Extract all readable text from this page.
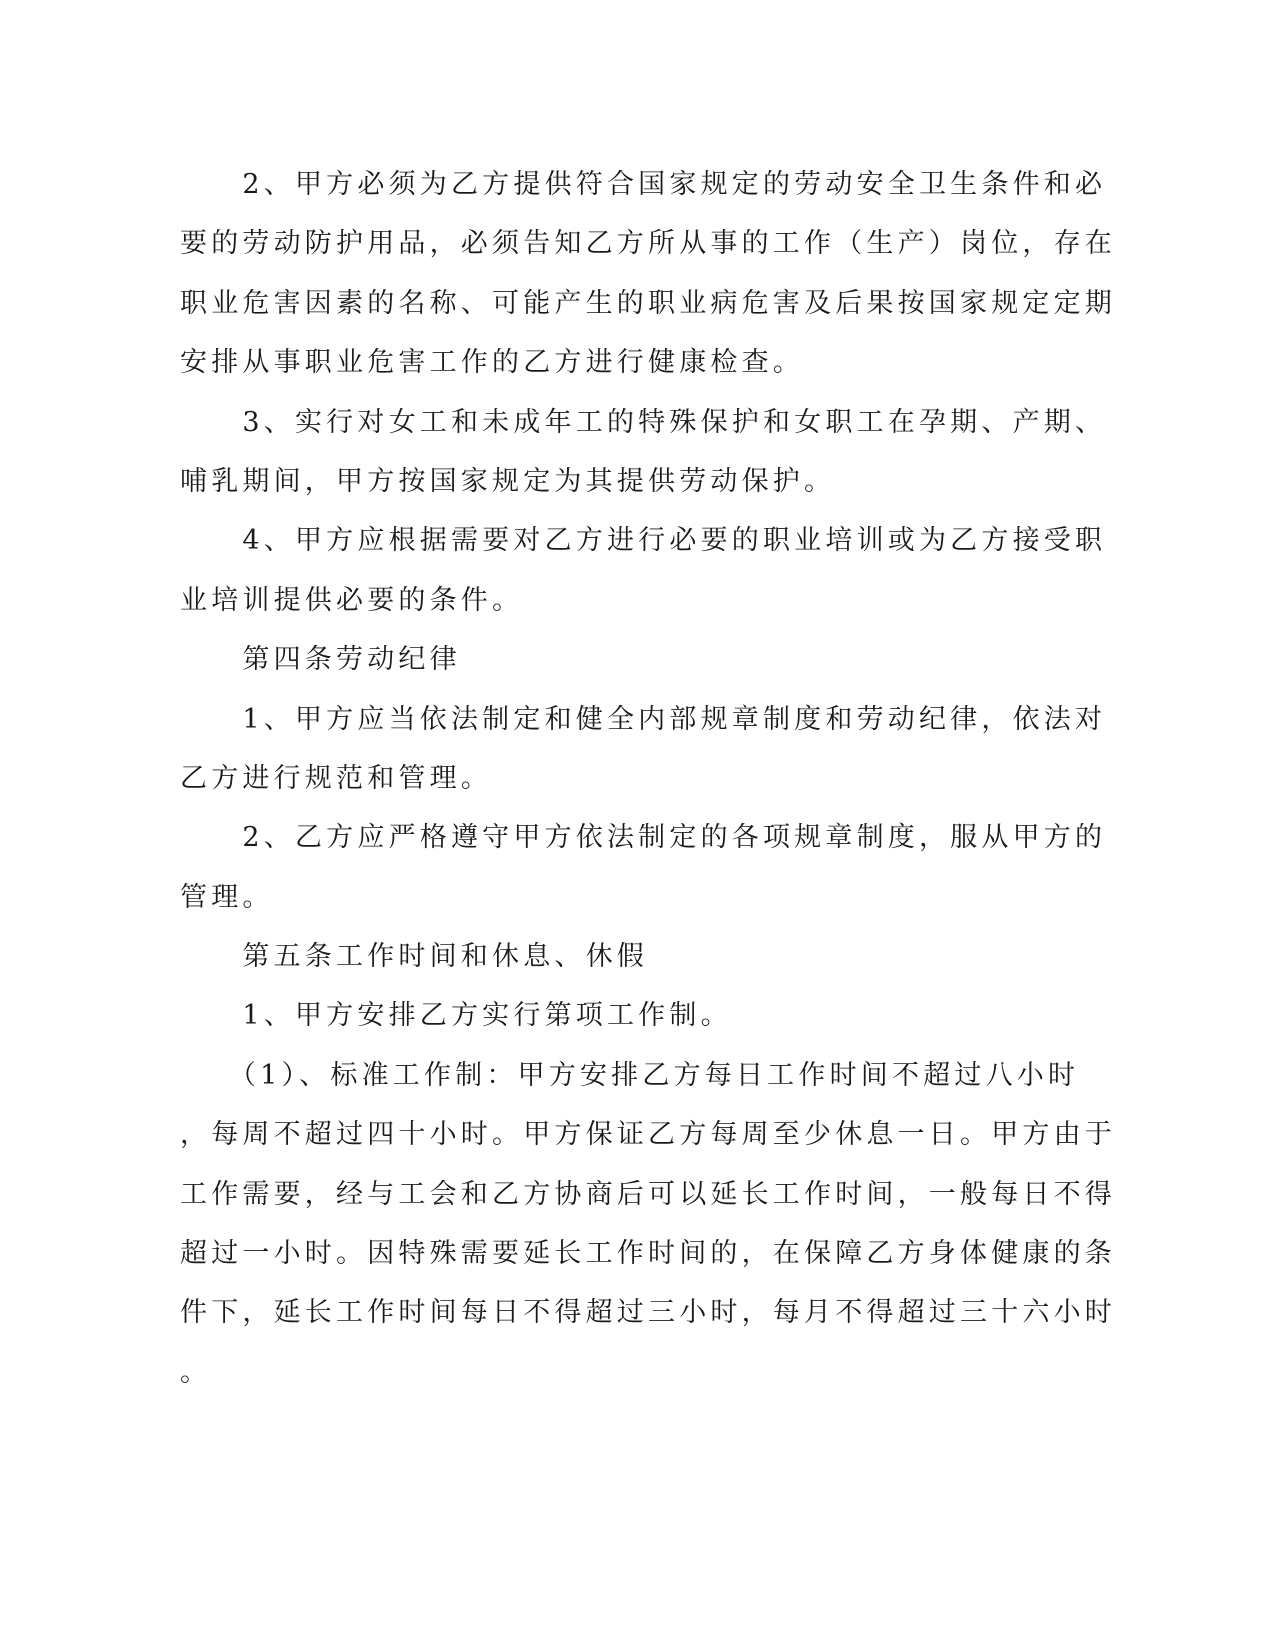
　　2、甲方必须为乙方提供符合国家规定的劳动安全卫生条件和必
要的劳动防护用品，必须告知乙方所从事的工作（生产）岗位，存在
职业危害因素的名称、可能产生的职业病危害及后果按国家规定定期
安排从事职业危害工作的乙方进行健康检查。
　　3、实行对女工和未成年工的特殊保护和女职工在孕期、产期、
哺乳期间，甲方按国家规定为其提供劳动保护。
　　4、甲方应根据需要对乙方进行必要的职业培训或为乙方接受职
业培训提供必要的条件。
　　第四条劳动纪律
　　1、甲方应当依法制定和健全内部规章制度和劳动纪律，依法对
乙方进行规范和管理。
　　2、乙方应严格遵守甲方依法制定的各项规章制度，服从甲方的
管理。
　　第五条工作时间和休息、休假
　　1、甲方安排乙方实行第项工作制。
　　（1）、标准工作制：甲方安排乙方每日工作时间不超过八小时
，每周不超过四十小时。甲方保证乙方每周至少休息一日。甲方由于
工作需要，经与工会和乙方协商后可以延长工作时间，一般每日不得
超过一小时。因特殊需要延长工作时间的，在保障乙方身体健康的条
件下，延长工作时间每日不得超过三小时，每月不得超过三十六小时
。
